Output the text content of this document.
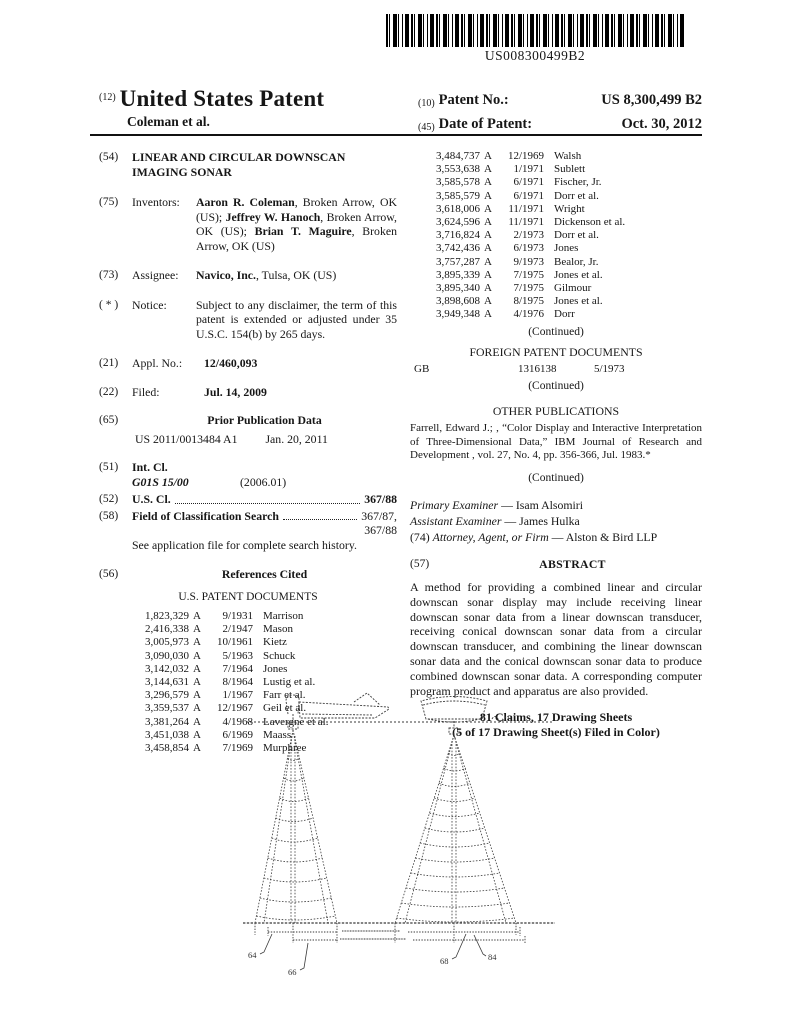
US008300499B2
$^{(12)}$ United States Patent
Coleman et al.
(10) Patent No.:	US 8,300,499 B2
(45) Date of Patent:	Oct. 30, 2012
(54)	LINEAR AND CIRCULAR DOWNSCAN IMAGING SONAR
(75)	Inventors:	Aaron R. Coleman, Broken Arrow, OK (US); Jeffrey W. Hanoch, Broken Arrow, OK (US); Brian T. Maguire, Broken Arrow, OK (US)
(73)	Assignee:	Navico, Inc., Tulsa, OK (US)
( * )	Notice:	Subject to any disclaimer, the term of this patent is extended or adjusted under 35 U.S.C. 154(b) by 265 days.
(21)	Appl. No.:	12/460,093
(22)	Filed:	Jul. 14, 2009
(65)	Prior Publication Data
US 2011/0013484 A1 Jan. 20, 2011
(51)	Int. Cl.
G01S 15/00	(2006.01)
(52)	U.S. Cl.	367/88
(58)	Field of Classification Search	367/87,
367/88
See application file for complete search history.
(56)	References Cited
U.S. PATENT DOCUMENTS
1,823,329 A	9/1931 Marrison
2,416,338 A	2/1947 Mason
3,005,973 A	10/1961 Kietz
3,090,030 A	5/1963 Schuck
3,142,032 A	7/1964 Jones
3,144,631 A	8/1964 Lustig et al.
3,296,579 A	1/1967 Farr et al.
3,359,537 A	12/1967 Geil et al.
3,381,264 A	4/1968 Lavergne et al.
3,451,038 A	6/1969 Maass
3,458,854 A	7/1969 Murphree
3,484,737 A	12/1969 Walsh
3,553,638 A	1/1971 Sublett
3,585,578 A	6/1971 Fischer, Jr.
3,585,579 A	6/1971 Dorr et al.
3,618,006 A	11/1971 Wright
3,624,596 A	11/1971 Dickenson et al.
3,716,824 A	2/1973 Dorr et al.
3,742,436 A	6/1973 Jones
3,757,287 A	9/1973 Bealor, Jr.
3,895,339 A	7/1975 Jones et al.
3,895,340 A	7/1975 Gilmour
3,898,608 A	8/1975 Jones et al.
3,949,348 A	4/1976 Dorr
(Continued)
FOREIGN PATENT DOCUMENTS
GB	1316138	5/1973
(Continued)
OTHER PUBLICATIONS
Farrell, Edward J.; , “Color Display and Interactive Interpretation of Three-Dimensional Data,” IBM Journal of Research and Development , vol. 27, No. 4, pp. 356-366, Jul. 1983.*
(Continued)
Primary Examiner — Isam Alsomiri
Assistant Examiner — James Hulka
(74) Attorney, Agent, or Firm — Alston & Bird LLP
(57)	ABSTRACT
A method for providing a combined linear and circular downscan sonar display may include receiving linear downscan sonar data from a linear downscan transducer, receiving conical downscan sonar data from a circular downscan transducer, and combining the linear downscan sonar data and the conical downscan sonar data to produce combined downscan sonar data. A corresponding computer program product and apparatus are also provided.
81 Claims, 17 Drawing Sheets
(5 of 17 Drawing Sheet(s) Filed in Color)
64
66
68	84
